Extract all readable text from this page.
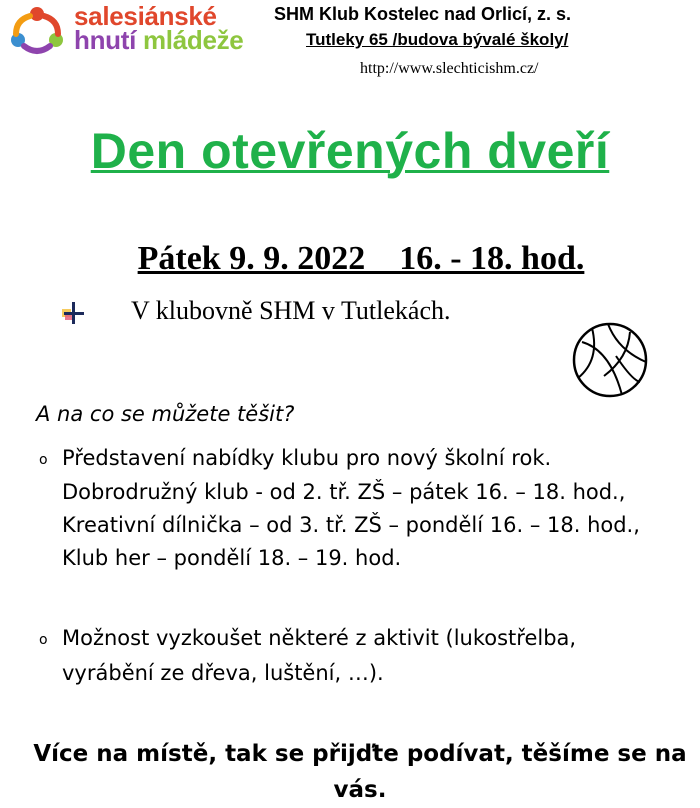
salesiánské
hnutí mládeže
SHM Klub Kostelec nad Orlicí, z. s.
Tutleky 65 /budova bývalé školy/
http://www.slechticishm.cz/
Den otevřených dveří
Pátek 9. 9. 2022    16. - 18. hod.
V klubovně SHM v Tutlekách.
A na co se můžete těšit?
o Představení nabídky klubu pro nový školní rok.
Dobrodružný klub - od 2. tř. ZŠ – pátek 16. – 18. hod.,
Kreativní dílnička – od 3. tř. ZŠ – pondělí 16. – 18. hod.,
Klub her – pondělí 18. – 19. hod.
o Možnost vyzkoušet některé z aktivit (lukostřelba,
vyrábění ze dřeva, luštění, …).
Více na místě, tak se přijďte podívat, těšíme se na vás.
